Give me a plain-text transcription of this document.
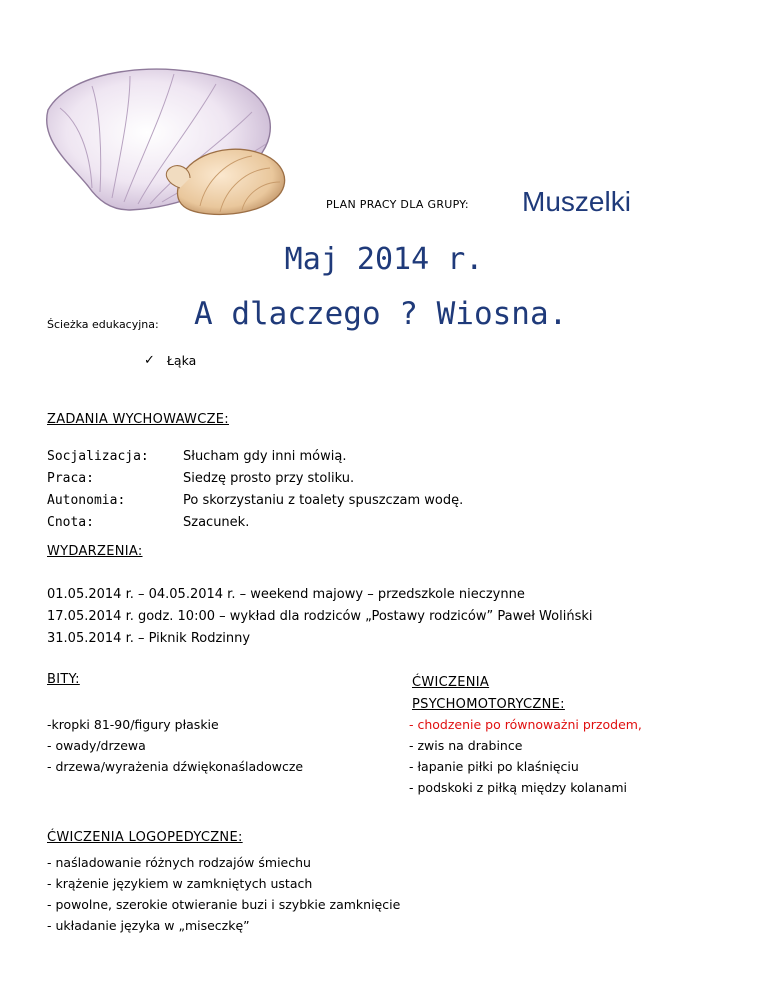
PLAN PRACY DLA GRUPY: Muszelki
Maj 2014 r.
Ścieżka edukacyjna: A dlaczego ? Wiosna.
✓ Łąka
ZADANIA WYCHOWAWCZE:
Socjalizacja:	Słucham gdy inni mówią.
Praca:	Siedzę prosto przy stoliku.
Autonomia:	Po skorzystaniu z toalety spuszczam wodę.
Cnota:	Szacunek.
WYDARZENIA:
01.05.2014 r. – 04.05.2014 r. – weekend majowy – przedszkole nieczynne
17.05.2014 r. godz. 10:00 – wykład dla rodziców „Postawy rodziców” Paweł Woliński
31.05.2014 r. – Piknik Rodzinny
BITY:
-kropki 81-90/figury płaskie
- owady/drzewa
- drzewa/wyrażenia dźwiękonaśladowcze
ĆWICZENIA
PSYCHOMOTORYCZNE:
- chodzenie po równoważni przodem,
- zwis na drabince
- łapanie piłki po klaśnięciu
- podskoki z piłką między kolanami
ĆWICZENIA LOGOPEDYCZNE:
- naśladowanie różnych rodzajów śmiechu
- krążenie językiem w zamkniętych ustach
- powolne, szerokie otwieranie buzi i szybkie zamknięcie
- układanie języka w „miseczkę”
